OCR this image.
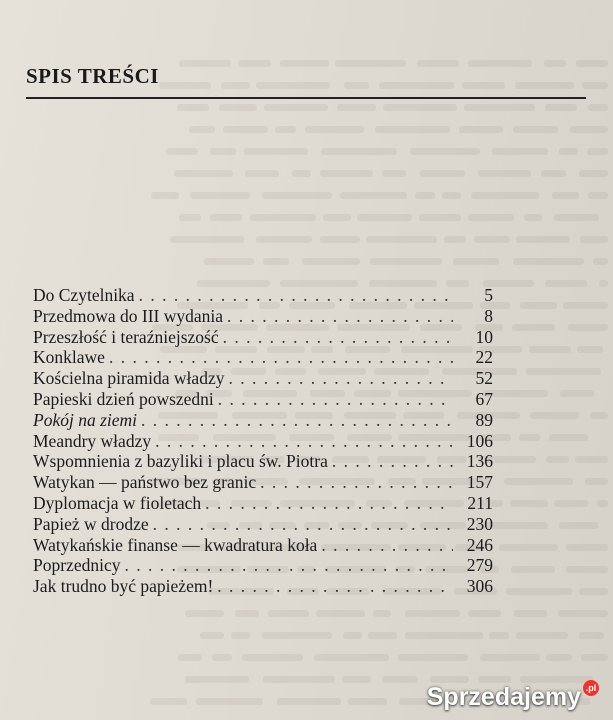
SPIS TREŚCI
Do Czytelnika . . .	5
Przedmowa do III wydania . . .	8
Przeszłość i teraźniejszość . . .	10
Konklawe . . .	22
Kościelna piramida władzy . . .	52
Papieski dzień powszedni . . .	67
Pokój na ziemi . . .	89
Meandry władzy . . .	106
Wspomnienia z bazyliki i placu św. Piotra . . .	136
Watykan — państwo bez granic . . .	157
Dyplomacja w fioletach . . .	211
Papież w drodze . . .	230
Watykańskie finanse — kwadratura koła . . .	246
Poprzednicy . . .	279
Jak trudno być papieżem! . . .	306
Sprzedajemy .pl
